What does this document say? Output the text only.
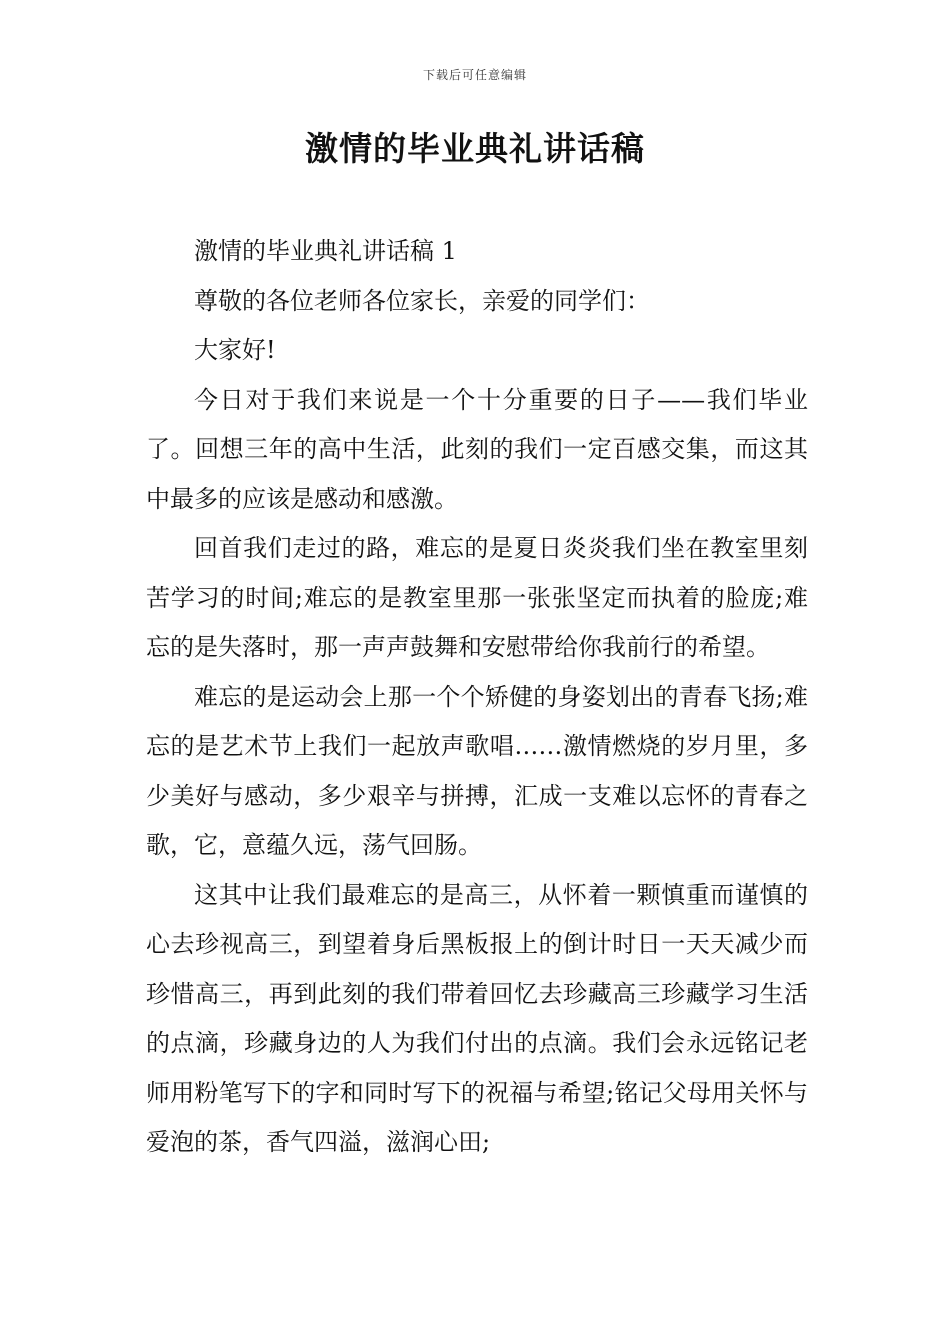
下载后可任意编辑
激情的毕业典礼讲话稿

激情的毕业典礼讲话稿 1

尊敬的各位老师各位家长，亲爱的同学们：

大家好!

今日对于我们来说是一个十分重要的日子——我们毕业了。回想三年的高中生活，此刻的我们一定百感交集，而这其中最多的应该是感动和感激。

回首我们走过的路，难忘的是夏日炎炎我们坐在教室里刻苦学习的时间;难忘的是教室里那一张张坚定而执着的脸庞;难忘的是失落时，那一声声鼓舞和安慰带给你我前行的希望。

难忘的是运动会上那一个个矫健的身姿划出的青春飞扬;难忘的是艺术节上我们一起放声歌唱……激情燃烧的岁月里，多少美好与感动，多少艰辛与拼搏，汇成一支难以忘怀的青春之歌，它，意蕴久远，荡气回肠。

这其中让我们最难忘的是高三，从怀着一颗慎重而谨慎的心去珍视高三，到望着身后黑板报上的倒计时日一天天减少而珍惜高三，再到此刻的我们带着回忆去珍藏高三珍藏学习生活的点滴，珍藏身边的人为我们付出的点滴。我们会永远铭记老师用粉笔写下的字和同时写下的祝福与希望;铭记父母用关怀与爱泡的茶，香气四溢，滋润心田;
